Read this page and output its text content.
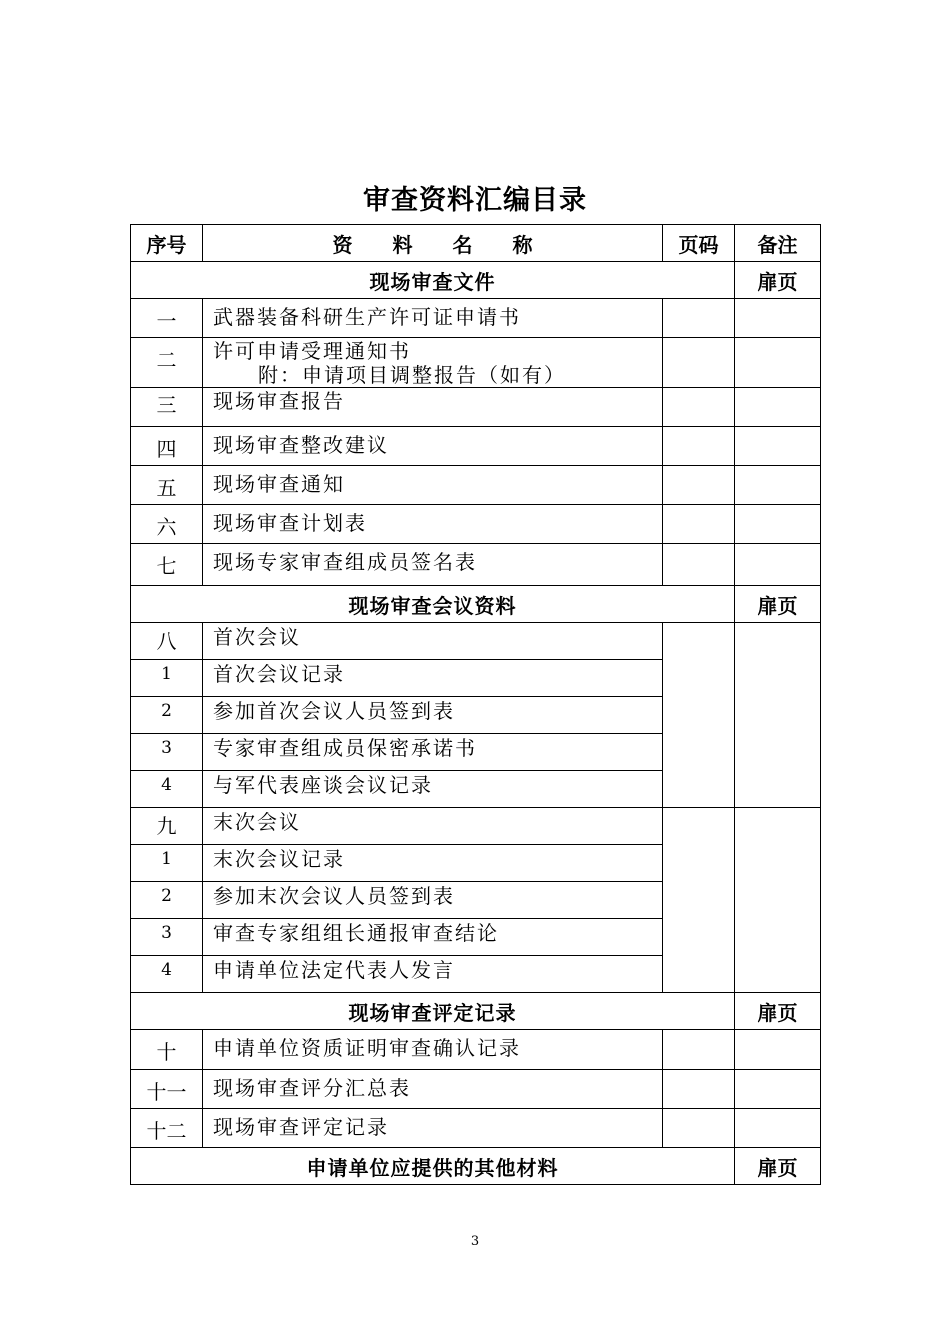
审查资料汇编目录
序号	资　　料　　名　　称	页码	备注
现场审查文件			扉页
一	武器装备科研生产许可证申请书		
二	许可申请受理通知书
附：申请项目调整报告（如有）		

三	现场审查报告		
四	现场审查整改建议		
五	现场审查通知		
六	现场审查计划表		
七	现场专家审查组成员签名表		
现场审查会议资料			扉页
八	首次会议		
1	首次会议记录		
2	参加首次会议人员签到表		
3	专家审查组成员保密承诺书		
4	与军代表座谈会议记录		
九	末次会议		
1	末次会议记录		
2	参加末次会议人员签到表		
3	审查专家组组长通报审查结论		
4	申请单位法定代表人发言		
现场审查评定记录			扉页
十	申请单位资质证明审查确认记录		
十一	现场审查评分汇总表		
十二	现场审查评定记录		
申请单位应提供的其他材料			扉页
3
